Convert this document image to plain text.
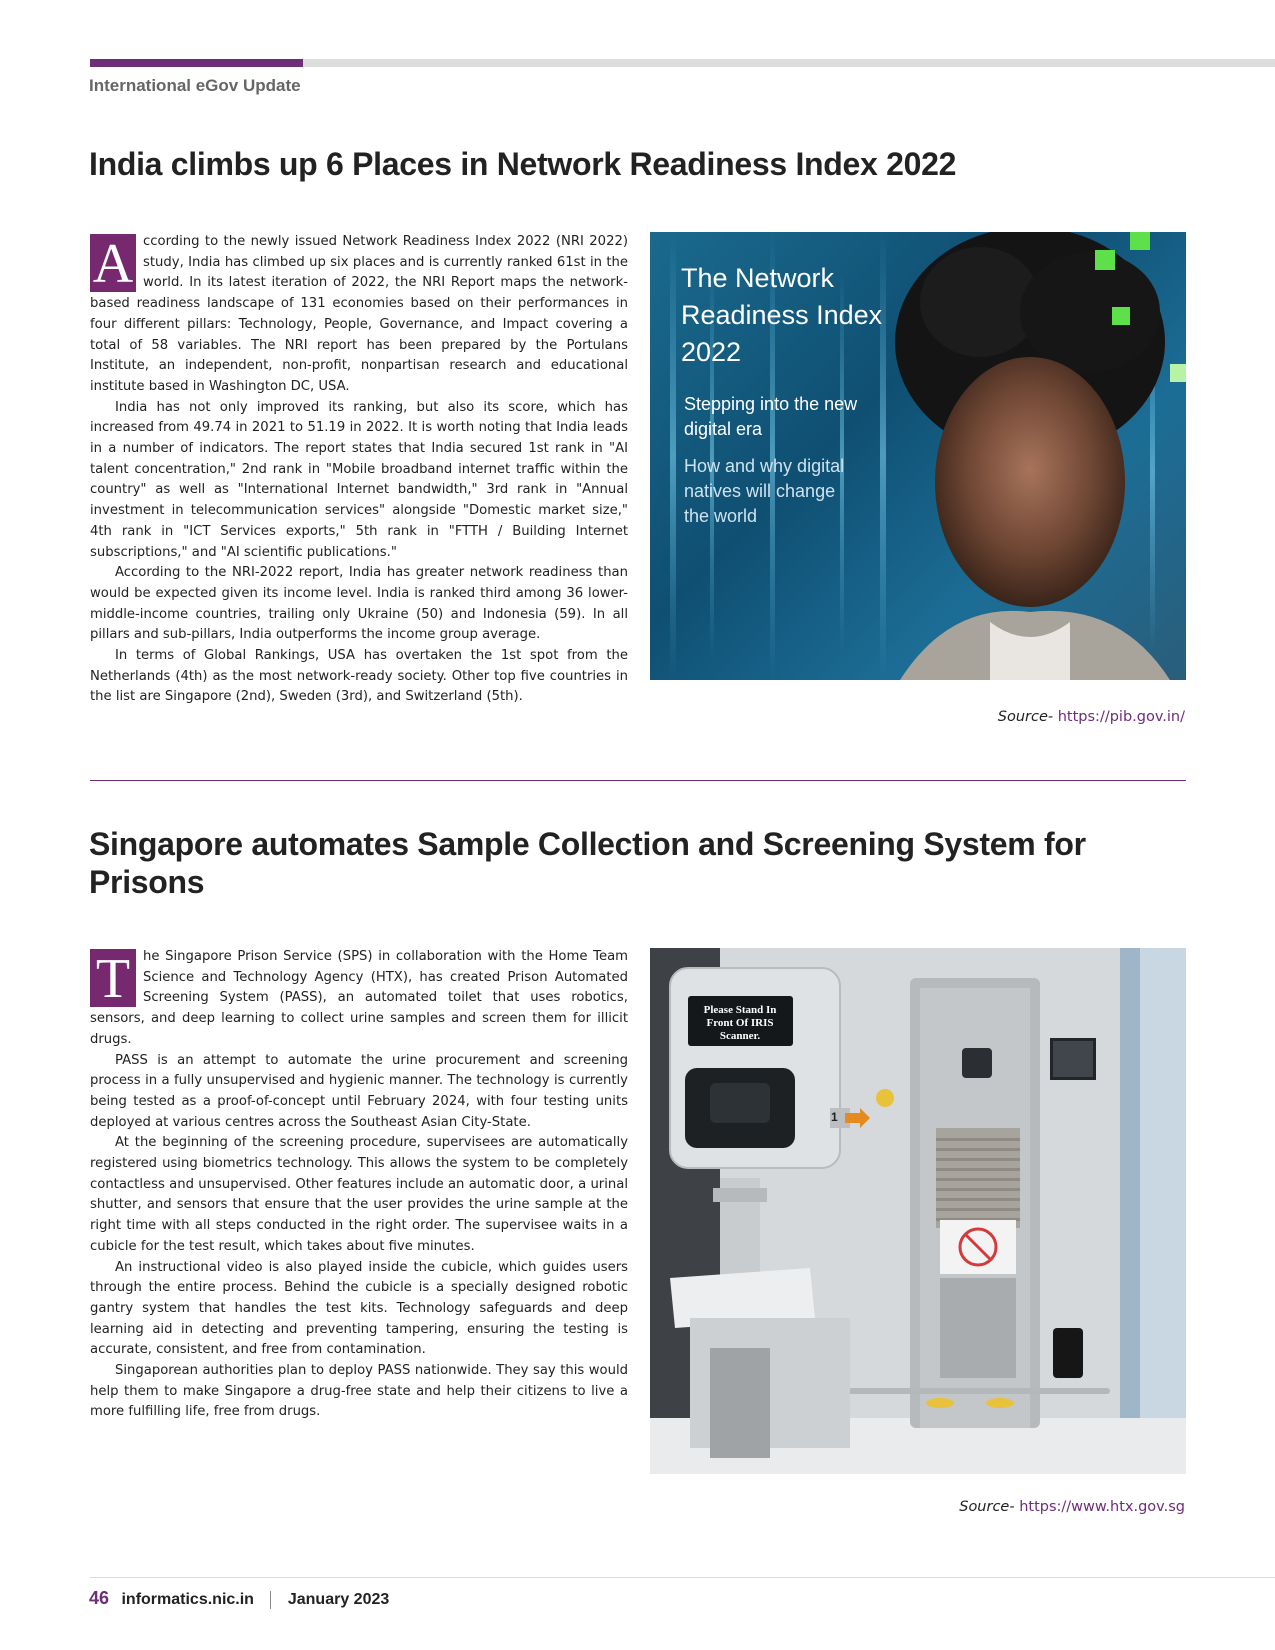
International eGov Update
India climbs up 6 Places in Network Readiness Index 2022
A ccording to the newly issued Network Readiness Index 2022 (NRI 2022) study, India has climbed up six places and is currently ranked 61st in the world. In its latest iteration of 2022, the NRI Report maps the network-based readiness landscape of 131 economies based on their performances in four different pillars: Technology, People, Governance, and Impact covering a total of 58 variables. The NRI report has been prepared by the Portulans Institute, an independent, non-profit, nonpartisan research and educational institute based in Washington DC, USA.

India has not only improved its ranking, but also its score, which has increased from 49.74 in 2021 to 51.19 in 2022. It is worth noting that India leads in a number of indicators. The report states that India secured 1st rank in "AI talent concentration," 2nd rank in "Mobile broadband internet traffic within the country" as well as "International Internet bandwidth," 3rd rank in "Annual investment in telecommunication services" alongside "Domestic market size," 4th rank in "ICT Services exports," 5th rank in "FTTH / Building Internet subscriptions," and "AI scientific publications."

According to the NRI-2022 report, India has greater network readiness than would be expected given its income level. India is ranked third among 36 lower-middle-income countries, trailing only Ukraine (50) and Indonesia (59). In all pillars and sub-pillars, India outperforms the income group average.

In terms of Global Rankings, USA has overtaken the 1st spot from the Netherlands (4th) as the most network-ready society. Other top five countries in the list are Singapore (2nd), Sweden (3rd), and Switzerland (5th).

The Network
Readiness Index
2022
Stepping into the new digital era
How and why digital natives will change the world
Source- https://pib.gov.in/
Singapore automates Sample Collection and Screening System for Prisons
T he Singapore Prison Service (SPS) in collaboration with the Home Team Science and Technology Agency (HTX), has created Prison Automated Screening System (PASS), an automated toilet that uses robotics, sensors, and deep learning to collect urine samples and screen them for illicit drugs.

PASS is an attempt to automate the urine procurement and screening process in a fully unsupervised and hygienic manner. The technology is currently being tested as a proof-of-concept until February 2024, with four testing units deployed at various centres across the Southeast Asian City-State.

At the beginning of the screening procedure, supervisees are automatically registered using biometrics technology. This allows the system to be completely contactless and unsupervised. Other features include an automatic door, a urinal shutter, and sensors that ensure that the user provides the urine sample at the right time with all steps conducted in the right order. The supervisee waits in a cubicle for the test result, which takes about five minutes.

An instructional video is also played inside the cubicle, which guides users through the entire process. Behind the cubicle is a specially designed robotic gantry system that handles the test kits. Technology safeguards and deep learning aid in detecting and preventing tampering, ensuring the testing is accurate, consistent, and free from contamination.

Singaporean authorities plan to deploy PASS nationwide. They say this would help them to make Singapore a drug-free state and help their citizens to live a more fulfilling life, free from drugs.

Please Stand In
Front Of IRIS
Scanner.
1
Source- https://www.htx.gov.sg
46 informatics.nic.in January 2023
